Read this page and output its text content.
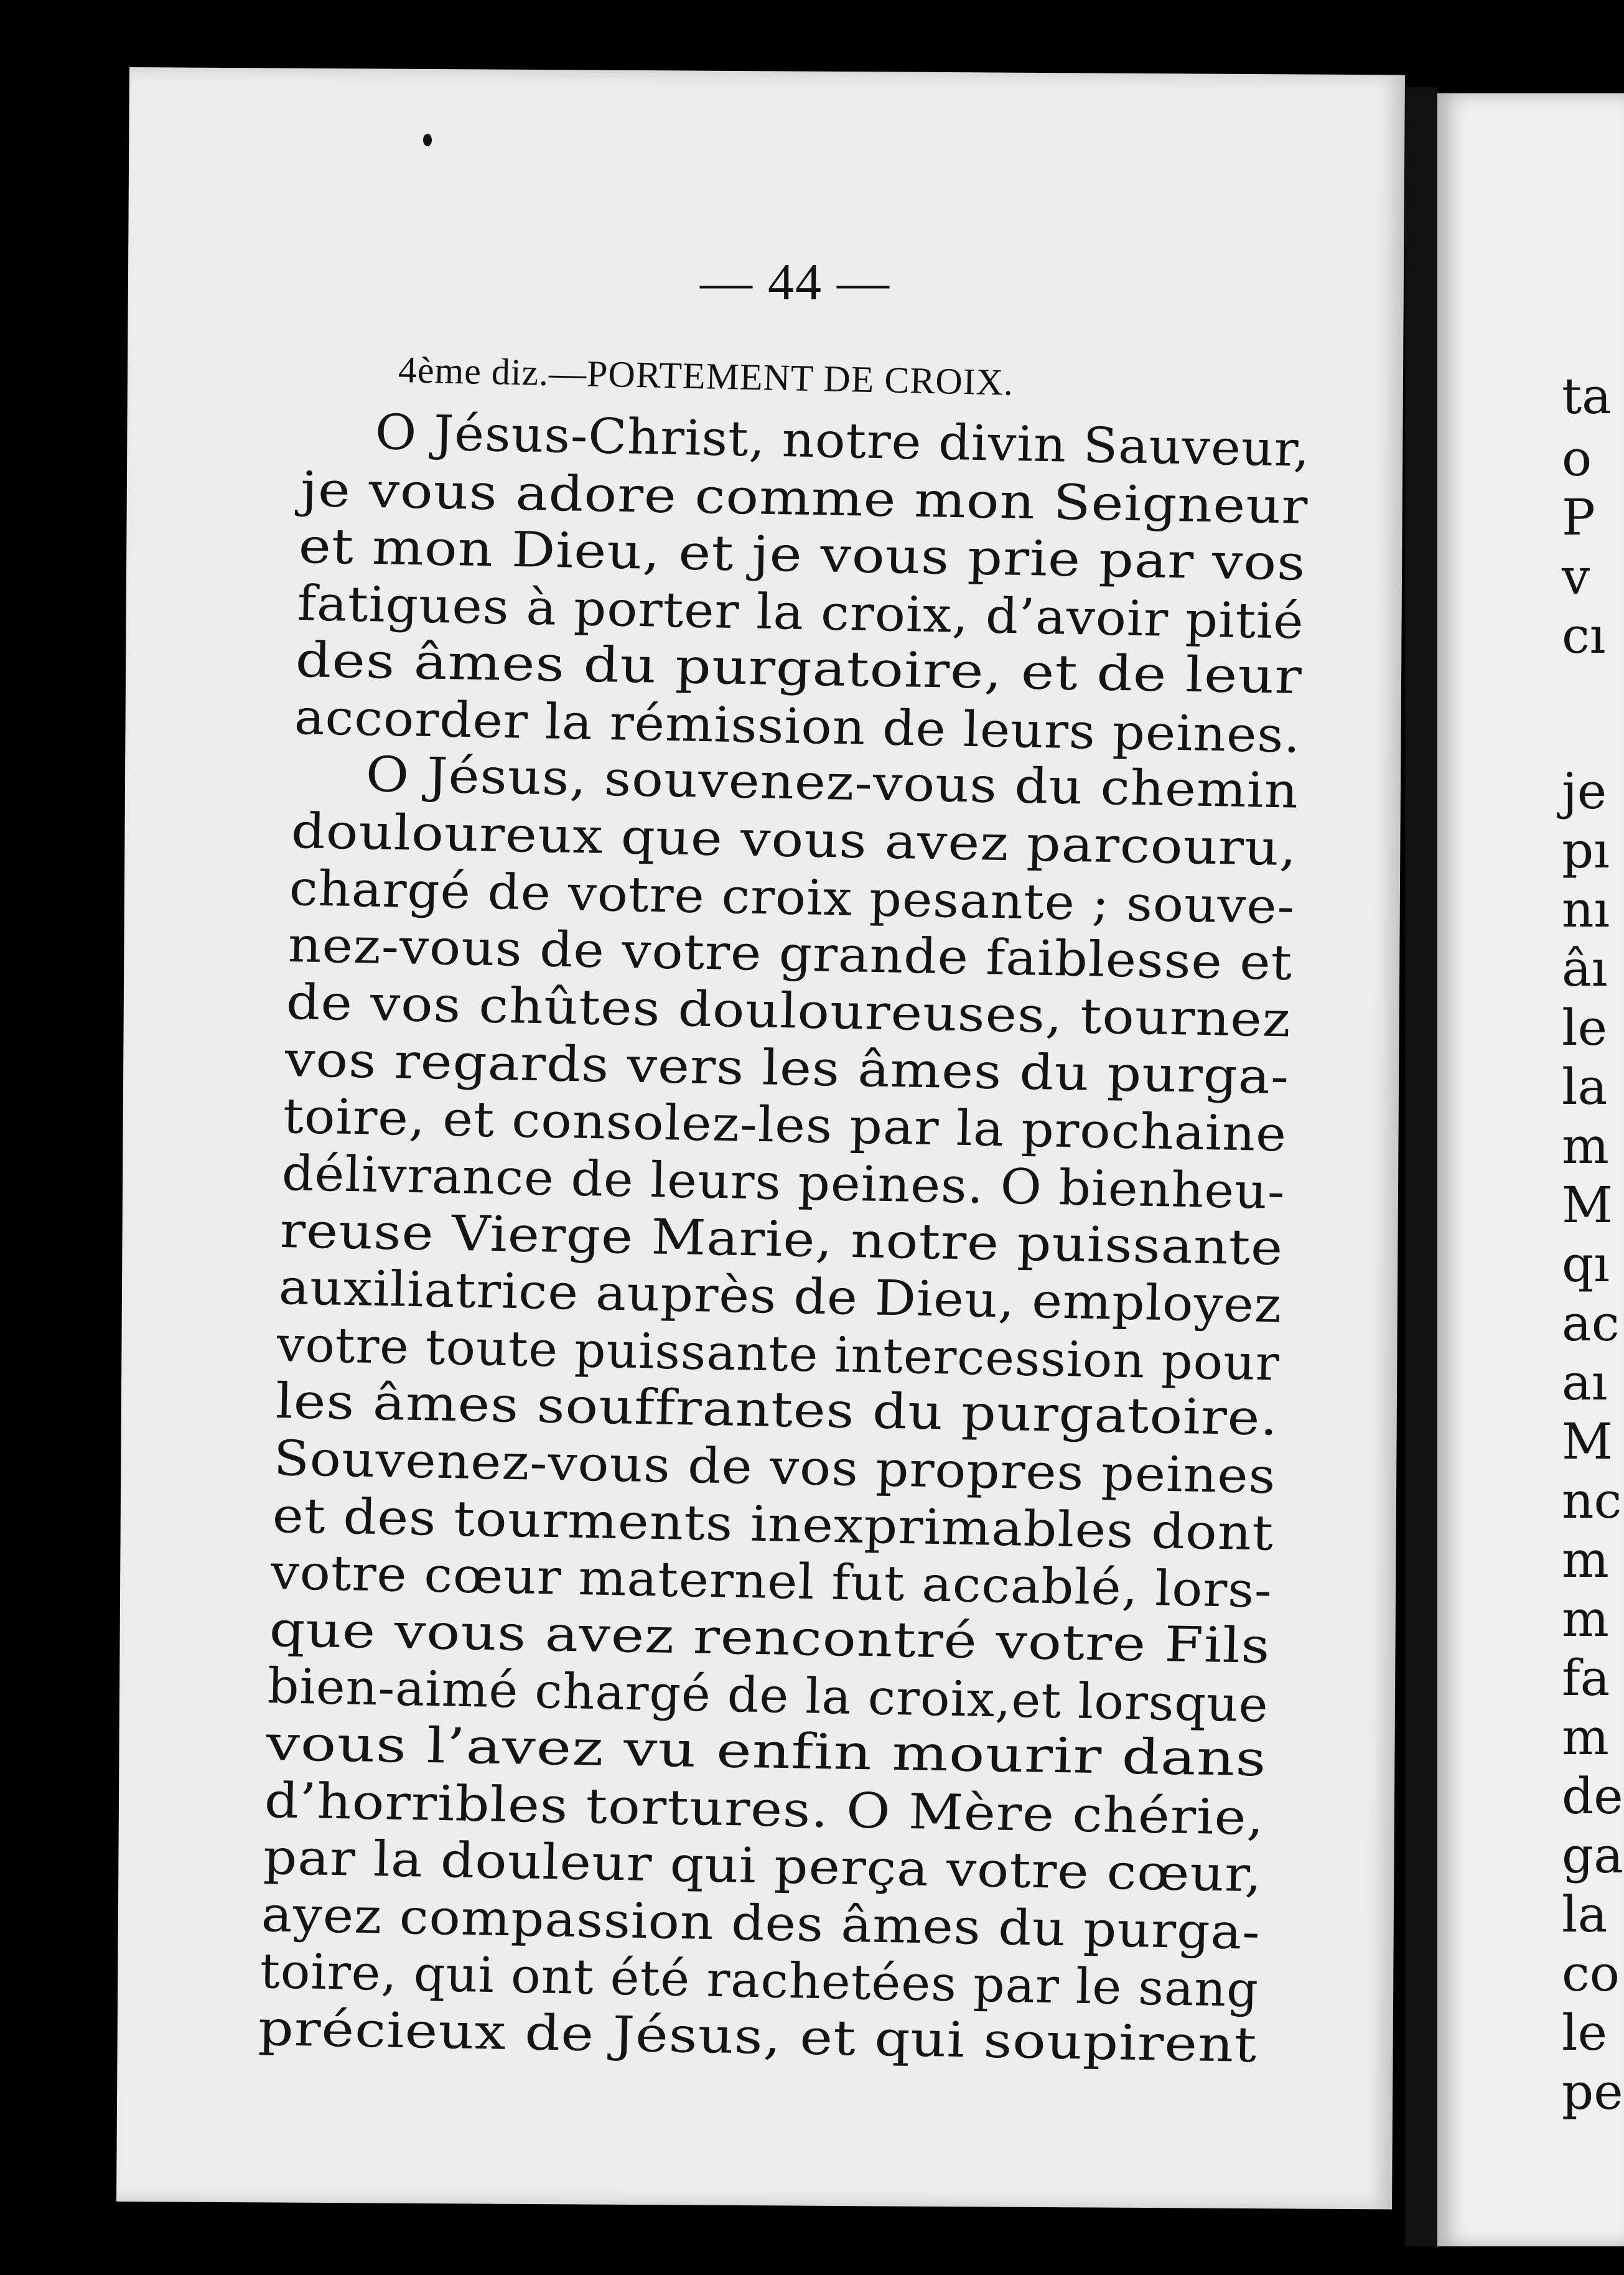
— 44 —
4ème diz.—PORTEMENT DE CROIX.
O Jésus-Christ, notre divin Sauveur,
je vous adore comme mon Seigneur
et mon Dieu, et je vous prie par vos
fatigues à porter la croix, d’avoir pitié
des âmes du purgatoire, et de leur
accorder la rémission de leurs peines.
O Jésus, souvenez-vous du chemin
douloureux que vous avez parcouru,
chargé de votre croix pesante ; souve-
nez-vous de votre grande faiblesse et
de vos chûtes douloureuses, tournez
vos regards vers les âmes du purga-
toire, et consolez-les par la prochaine
délivrance de leurs peines. O bienheu-
reuse Vierge Marie, notre puissante
auxiliatrice auprès de Dieu, employez
votre toute puissante intercession pour
les âmes souffrantes du purgatoire.
Souvenez-vous de vos propres peines
et des tourments inexprimables dont
votre cœur maternel fut accablé, lors-
que vous avez rencontré votre Fils
bien-aimé chargé de la croix,et lorsque
vous l’avez vu enfin mourir dans
d’horribles tortures. O Mère chérie,
par la douleur qui perça votre cœur,
ayez compassion des âmes du purga-
toire, qui ont été rachetées par le sang
précieux de Jésus, et qui soupirent
ta
o
P
v
cı
je
pı
nı
âı
le
la
m
M
qı
ac
aı
M
nc
m
m
fa
m
de
ga
la
co
le
pe
